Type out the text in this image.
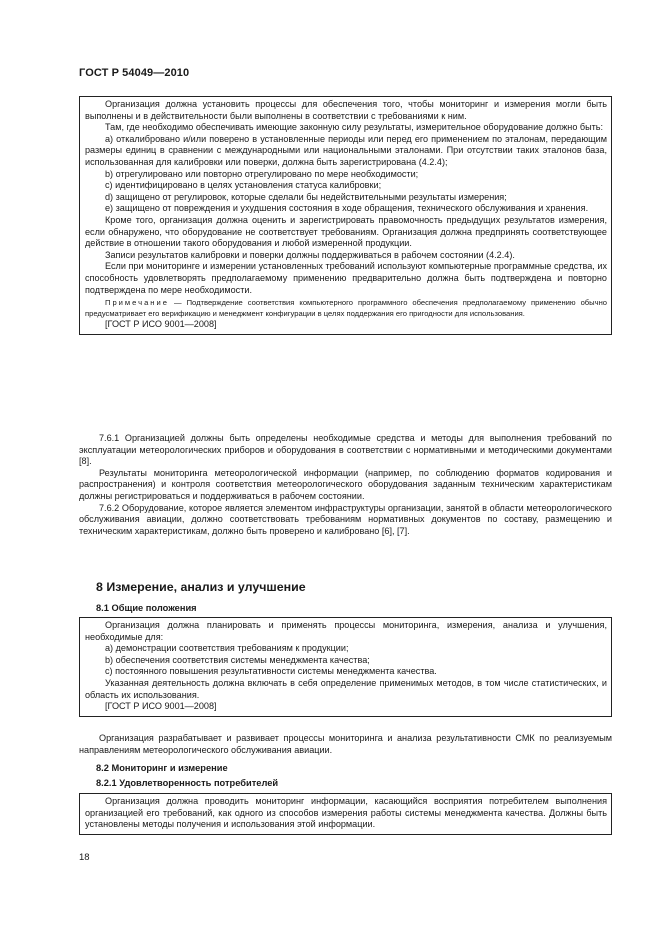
ГОСТ Р 54049—2010

Организация должна установить процессы для обеспечения того, чтобы мониторинг и измерения могли быть выполнены и в действительности были выполнены в соответствии с требованиями к ним.

Там, где необходимо обеспечивать имеющие законную силу результаты, измерительное оборудование должно быть:

а) откалибровано и/или поверено в установленные периоды или перед его применением по эталонам, передающим размеры единиц в сравнении с международными или национальными эталонами. При отсутствии таких эталонов база, использованная для калибровки или поверки, должна быть зарегистрирована (4.2.4);

b) отрегулировано или повторно отрегулировано по мере необходимости;

c) идентифицировано в целях установления статуса калибровки;

d) защищено от регулировок, которые сделали бы недействительными результаты измерения;

e) защищено от повреждения и ухудшения состояния в ходе обращения, технического обслуживания и хранения.

Кроме того, организация должна оценить и зарегистрировать правомочность предыдущих результатов измерения, если обнаружено, что оборудование не соответствует требованиям. Организация должна предпринять соответствующее действие в отношении такого оборудования и любой измеренной продукции.

Записи результатов калибровки и поверки должны поддерживаться в рабочем состоянии (4.2.4).

Если при мониторинге и измерении установленных требований используют компьютерные программные средства, их способность удовлетворять предполагаемому применению предварительно должна быть подтверждена и повторно подтверждена по мере необходимости.

Примечание — Подтверждение соответствия компьютерного программного обеспечения предполагаемому применению обычно предусматривает его верификацию и менеджмент конфигурации в целях поддержания его пригодности для использования.

[ГОСТ Р ИСО 9001—2008]

7.6.1 Организацией должны быть определены необходимые средства и методы для выполнения требований по эксплуатации метеорологических приборов и оборудования в соответствии с нормативными и методическими документами [8].

Результаты мониторинга метеорологической информации (например, по соблюдению форматов кодирования и распространения) и контроля соответствия метеорологического оборудования заданным техническим характеристикам должны регистрироваться и поддерживаться в рабочем состоянии.

7.6.2 Оборудование, которое является элементом инфраструктуры организации, занятой в области метеорологического обслуживания авиации, должно соответствовать требованиям нормативных документов по составу, размещению и техническим характеристикам, должно быть проверено и калибровано [6], [7].

8 Измерение, анализ и улучшение
8.1 Общие положения

Организация должна планировать и применять процессы мониторинга, измерения, анализа и улучшения, необходимые для:

a) демонстрации соответствия требованиям к продукции;

b) обеспечения соответствия системы менеджмента качества;

c) постоянного повышения результативности системы менеджмента качества.

Указанная деятельность должна включать в себя определение применимых методов, в том числе статистических, и область их использования.

[ГОСТ Р ИСО 9001—2008]

Организация разрабатывает и развивает процессы мониторинга и анализа результативности СМК по реализуемым направлениям метеорологического обслуживания авиации.

8.2 Мониторинг и измерение
8.2.1 Удовлетворенность потребителей

Организация должна проводить мониторинг информации, касающийся восприятия потребителем выполнения организацией его требований, как одного из способов измерения работы системы менеджмента качества. Должны быть установлены методы получения и использования этой информации.

18
